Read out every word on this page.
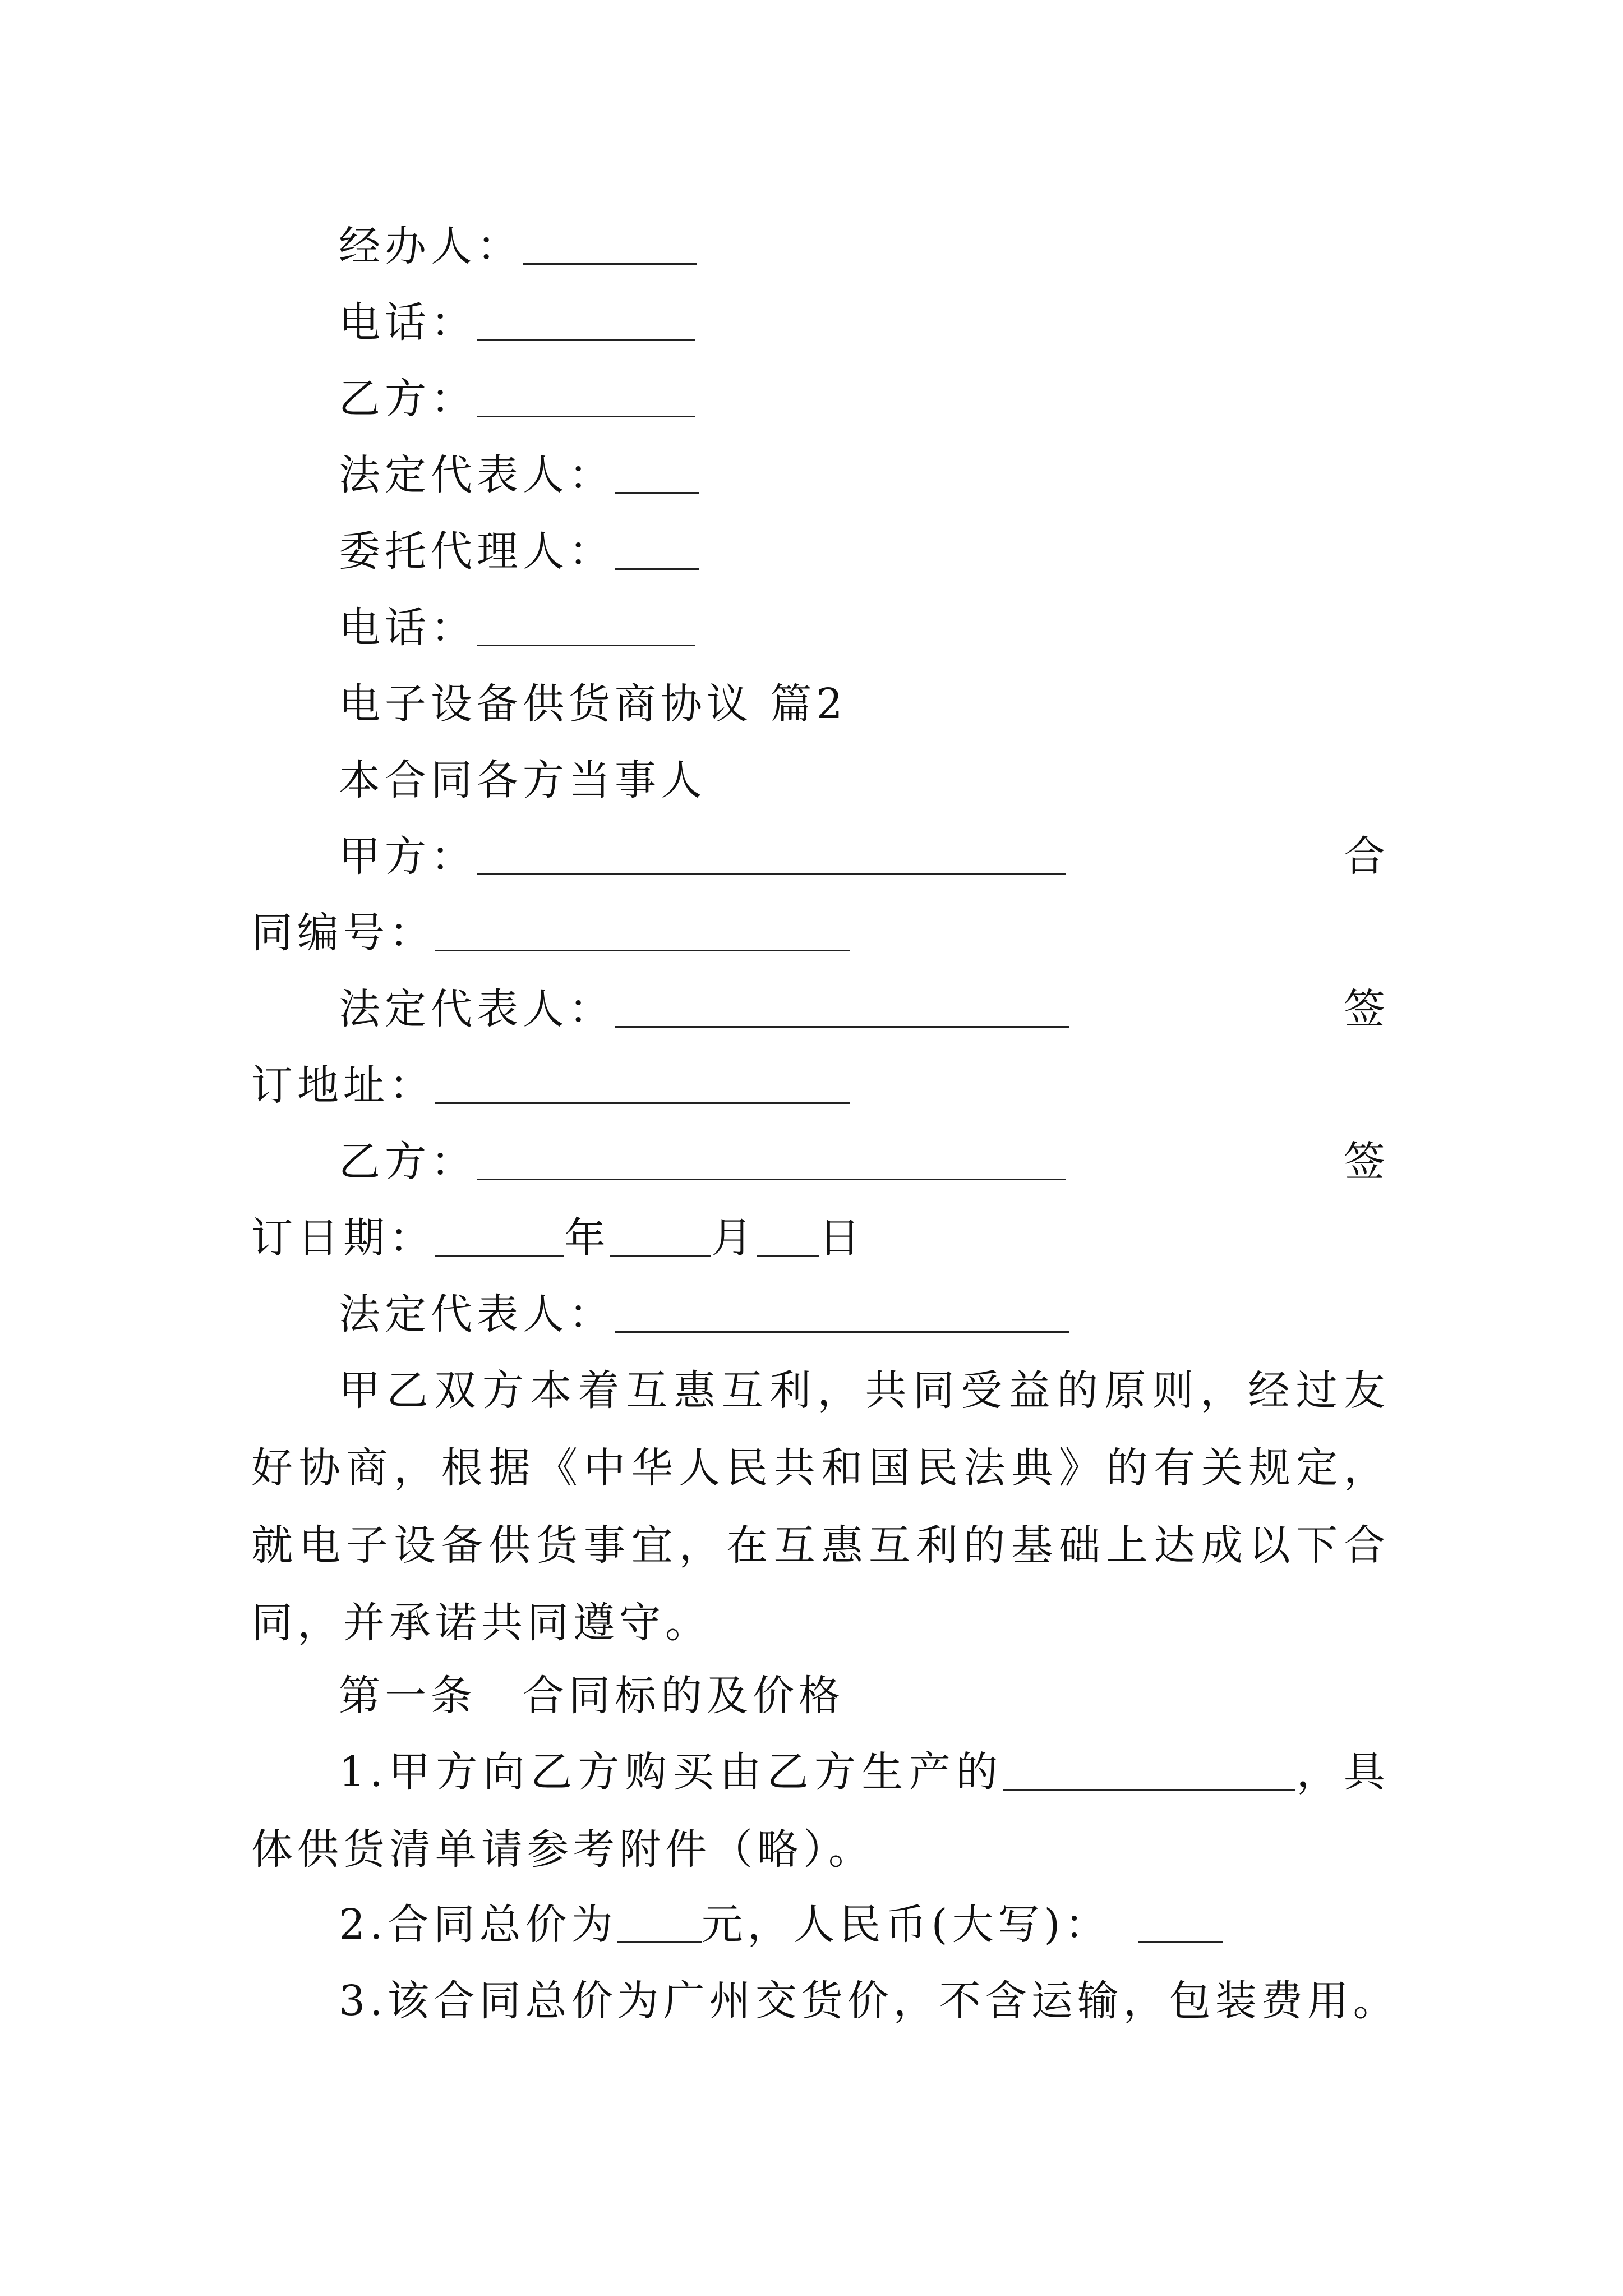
经办人：
电话：
乙方：
法定代表人：
委托代理人：
电话：
电子设备供货商协议 篇2
本合同各方当事人
甲方：	合
同编号：
法定代表人：	签
订地址：
乙方：	签
订日期：	年 月 日
法定代表人：

甲乙双方本着互惠互利，共同受益的原则，经过友好协商，根据《中华人民共和国民法典》的有关规定，就电子设备供货事宜，在互惠互利的基础上达成以下合同，并承诺共同遵守。

第一条　合同标的及价格

1.甲方向乙方购买由乙方生产的	，具体供货清单请参考附件（略）。

2.合同总价为 元，人民币(大写)：
3.该合同总价为广州交货价，不含运输，包装费用。
